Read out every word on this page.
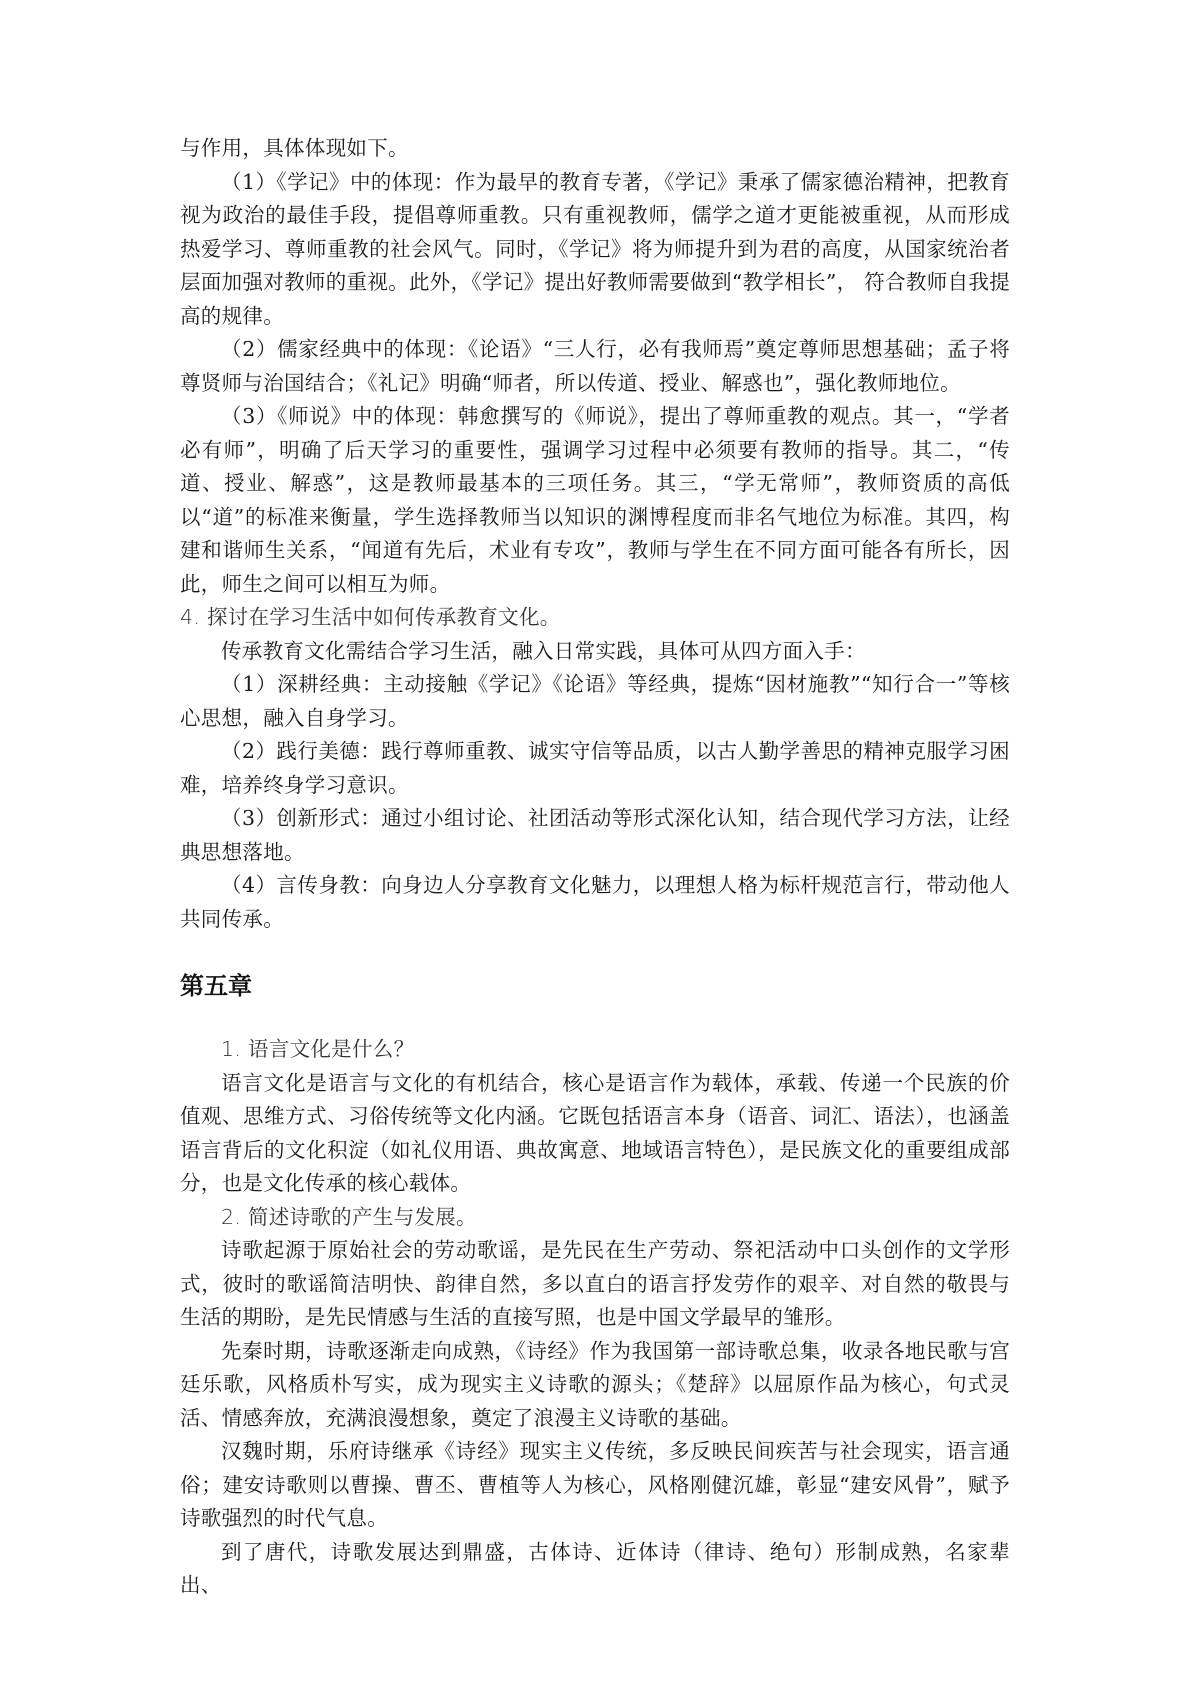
与作用，具体体现如下。

（1）《学记》中的体现：作为最早的教育专著，《学记》秉承了儒家德治精神，把教育视为政治的最佳手段，提倡尊师重教。只有重视教师，儒学之道才更能被重视，从而形成热爱学习、尊师重教的社会风气。同时，《学记》将为师提升到为君的高度，从国家统治者层面加强对教师的重视。此外，《学记》提出好教师需要做到“教学相长”， 符合教师自我提高的规律。

（2）儒家经典中的体现：《论语》“三人行，必有我师焉”奠定尊师思想基础；孟子将尊贤师与治国结合；《礼记》明确“师者，所以传道、授业、解惑也”，强化教师地位。

（3）《师说》中的体现：韩愈撰写的《师说》，提出了尊师重教的观点。其一，“学者必有师”，明确了后天学习的重要性，强调学习过程中必须要有教师的指导。其二，“传道、授业、解惑”，这是教师最基本的三项任务。其三，“学无常师”，教师资质的高低以“道”的标准来衡量，学生选择教师当以知识的渊博程度而非名气地位为标准。其四，构建和谐师生关系，“闻道有先后，术业有专攻”，教师与学生在不同方面可能各有所长，因此，师生之间可以相互为师。

4. 探讨在学习生活中如何传承教育文化。

传承教育文化需结合学习生活，融入日常实践，具体可从四方面入手：

（1）深耕经典：主动接触《学记》《论语》等经典，提炼“因材施教”“知行合一”等核心思想，融入自身学习。

（2）践行美德：践行尊师重教、诚实守信等品质，以古人勤学善思的精神克服学习困难，培养终身学习意识。

（3）创新形式：通过小组讨论、社团活动等形式深化认知，结合现代学习方法，让经典思想落地。

（4）言传身教：向身边人分享教育文化魅力，以理想人格为标杆规范言行，带动他人共同传承。

第五章

1. 语言文化是什么？

语言文化是语言与文化的有机结合，核心是语言作为载体，承载、传递一个民族的价值观、思维方式、习俗传统等文化内涵。它既包括语言本身（语音、词汇、语法），也涵盖语言背后的文化积淀（如礼仪用语、典故寓意、地域语言特色），是民族文化的重要组成部分，也是文化传承的核心载体。

2. 简述诗歌的产生与发展。

诗歌起源于原始社会的劳动歌谣，是先民在生产劳动、祭祀活动中口头创作的文学形式，彼时的歌谣简洁明快、韵律自然，多以直白的语言抒发劳作的艰辛、对自然的敬畏与生活的期盼，是先民情感与生活的直接写照，也是中国文学最早的雏形。

先秦时期，诗歌逐渐走向成熟，《诗经》作为我国第一部诗歌总集，收录各地民歌与宫廷乐歌，风格质朴写实，成为现实主义诗歌的源头；《楚辞》以屈原作品为核心，句式灵活、情感奔放，充满浪漫想象，奠定了浪漫主义诗歌的基础。

汉魏时期，乐府诗继承《诗经》现实主义传统，多反映民间疾苦与社会现实，语言通俗；建安诗歌则以曹操、曹丕、曹植等人为核心，风格刚健沉雄，彰显“建安风骨”，赋予诗歌强烈的时代气息。

到了唐代，诗歌发展达到鼎盛，古体诗、近体诗（律诗、绝句）形制成熟，名家辈出、
